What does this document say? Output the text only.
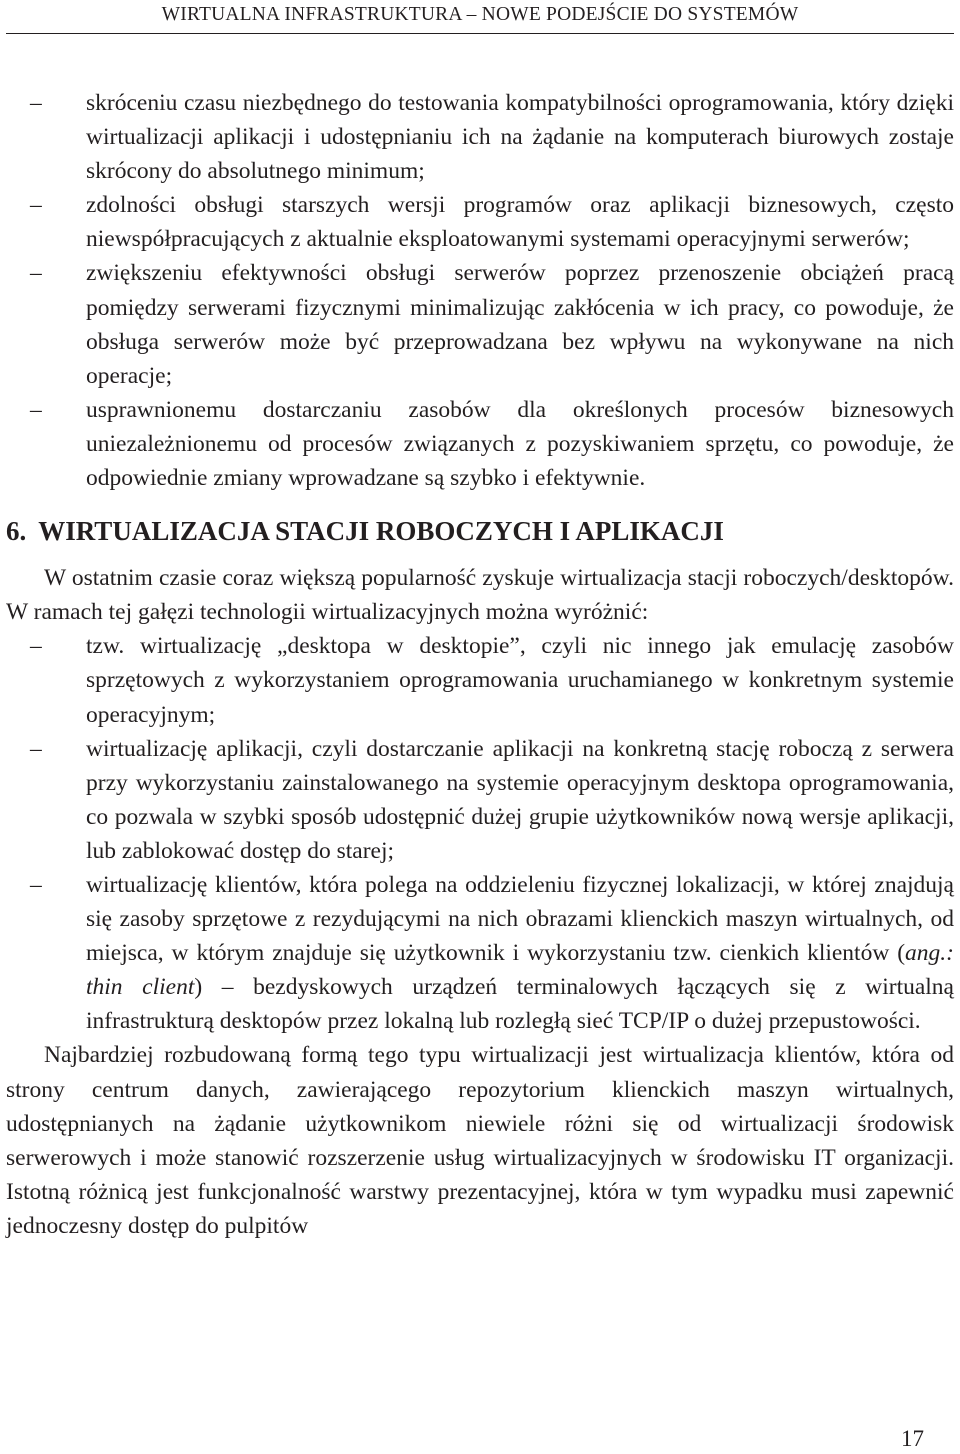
WIRTUALNA INFRASTRUKTURA – NOWE PODEJŚCIE DO SYSTEMÓW
– skróceniu czasu niezbędnego do testowania kompatybilności oprogramowania, który dzięki wirtualizacji aplikacji i udostępnianiu ich na żądanie na komputerach biurowych zostaje skrócony do absolutnego minimum;
– zdolności obsługi starszych wersji programów oraz aplikacji biznesowych, często niewspółpracujących z aktualnie eksploatowanymi systemami operacyjnymi serwerów;
– zwiększeniu efektywności obsługi serwerów poprzez przenoszenie obciążeń pracą pomiędzy serwerami fizycznymi minimalizując zakłócenia w ich pracy, co powoduje, że obsługa serwerów może być przeprowadzana bez wpływu na wykonywane na nich operacje;
– usprawnionemu dostarczaniu zasobów dla określonych procesów biznesowych uniezależnionemu od procesów związanych z pozyskiwaniem sprzętu, co powoduje, że odpowiednie zmiany wprowadzane są szybko i efektywnie.
6. WIRTUALIZACJA STACJI ROBOCZYCH I APLIKACJI

W ostatnim czasie coraz większą popularność zyskuje wirtualizacja stacji roboczych/desktopów. W ramach tej gałęzi technologii wirtualizacyjnych można wyróżnić:

– tzw. wirtualizację „desktopa w desktopie”, czyli nic innego jak emulację zasobów sprzętowych z wykorzystaniem oprogramowania uruchamianego w konkretnym systemie operacyjnym;
– wirtualizację aplikacji, czyli dostarczanie aplikacji na konkretną stację roboczą z serwera przy wykorzystaniu zainstalowanego na systemie operacyjnym desktopa oprogramowania, co pozwala w szybki sposób udostępnić dużej grupie użytkowników nową wersje aplikacji, lub zablokować dostęp do starej;
– wirtualizację klientów, która polega na oddzieleniu fizycznej lokalizacji, w której znajdują się zasoby sprzętowe z rezydującymi na nich obrazami klienckich maszyn wirtualnych, od miejsca, w którym znajduje się użytkownik i wykorzystaniu tzw. cienkich klientów (ang.: thin client) – bezdyskowych urządzeń terminalowych łączących się z wirtualną infrastrukturą desktopów przez lokalną lub rozległą sieć TCP/IP o dużej przepustowości.

Najbardziej rozbudowaną formą tego typu wirtualizacji jest wirtualizacja klientów, która od strony centrum danych, zawierającego repozytorium klienckich maszyn wirtualnych, udostępnianych na żądanie użytkownikom niewiele różni się od wirtualizacji środowisk serwerowych i może stanowić rozszerzenie usług wirtualizacyjnych w środowisku IT organizacji. Istotną różnicą jest funkcjonalność warstwy prezentacyjnej, która w tym wypadku musi zapewnić jednoczesny dostęp do pulpitów

17
